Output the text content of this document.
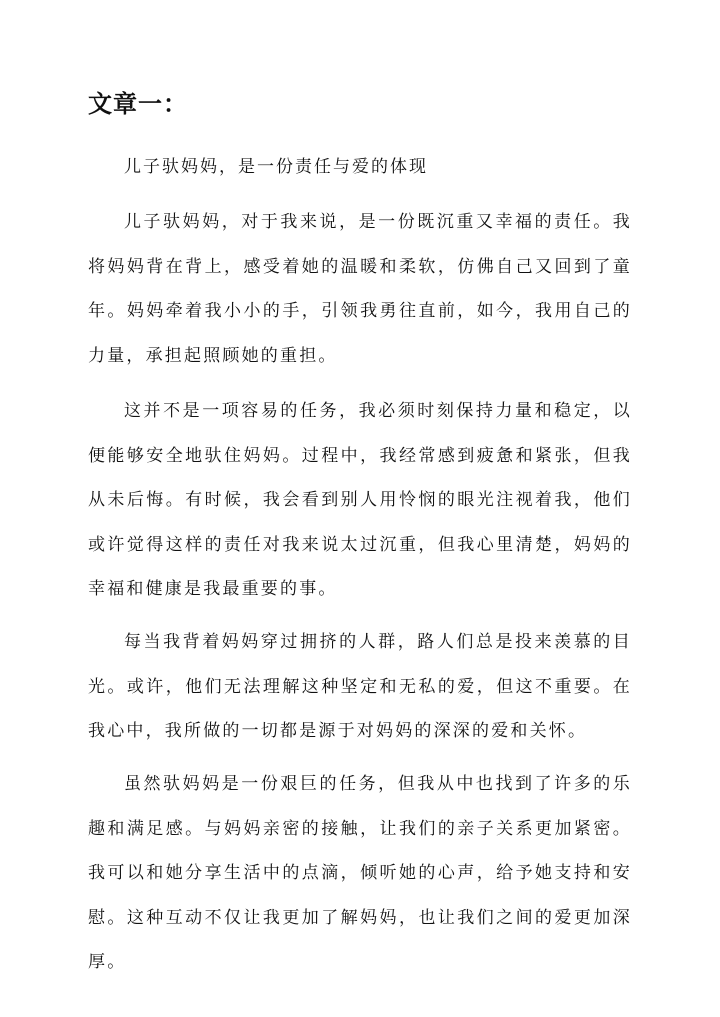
文章一：
儿子驮妈妈，是一份责任与爱的体现

儿子驮妈妈，对于我来说，是一份既沉重又幸福的责任。我将妈妈背在背上，感受着她的温暖和柔软，仿佛自己又回到了童年。妈妈牵着我小小的手，引领我勇往直前，如今，我用自己的力量，承担起照顾她的重担。

这并不是一项容易的任务，我必须时刻保持力量和稳定，以便能够安全地驮住妈妈。过程中，我经常感到疲惫和紧张，但我从未后悔。有时候，我会看到别人用怜悯的眼光注视着我，他们或许觉得这样的责任对我来说太过沉重，但我心里清楚，妈妈的幸福和健康是我最重要的事。

每当我背着妈妈穿过拥挤的人群，路人们总是投来羡慕的目光。或许，他们无法理解这种坚定和无私的爱，但这不重要。在我心中，我所做的一切都是源于对妈妈的深深的爱和关怀。

虽然驮妈妈是一份艰巨的任务，但我从中也找到了许多的乐趣和满足感。与妈妈亲密的接触，让我们的亲子关系更加紧密。我可以和她分享生活中的点滴，倾听她的心声，给予她支持和安慰。这种互动不仅让我更加了解妈妈，也让我们之间的爱更加深厚。
